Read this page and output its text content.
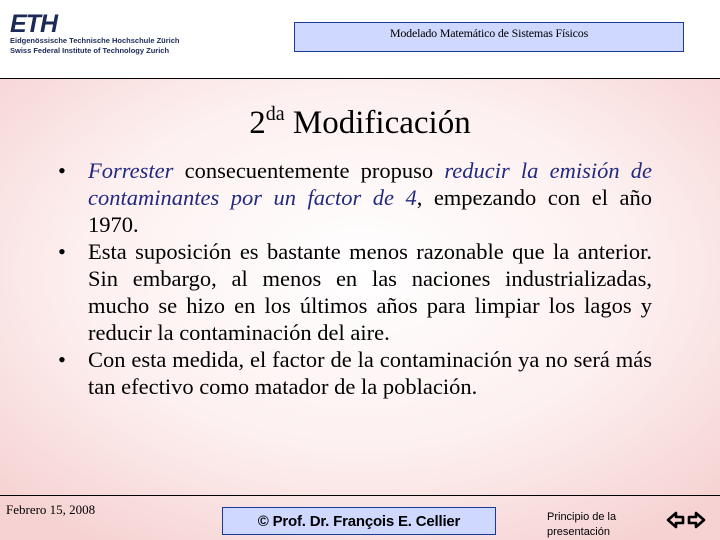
ETH
Eidgenössische Technische Hochschule Zürich
Swiss Federal Institute of Technology Zurich
Modelado Matemático de Sistemas Físicos
$2^{da}$ Modificación
• Forrester consecuentemente propuso reducir la emisión de contaminantes por un factor de 4, empezando con el año 1970.
• Esta suposición es bastante menos razonable que la anterior. Sin embargo, al menos en las naciones industrializadas, mucho se hizo en los últimos años para limpiar los lagos y reducir la contaminación del aire.
• Con esta medida, el factor de la contaminación ya no será más tan efectivo como matador de la población.
Febrero 15, 2008
© Prof. Dr. François E. Cellier	Principio de la presentación
